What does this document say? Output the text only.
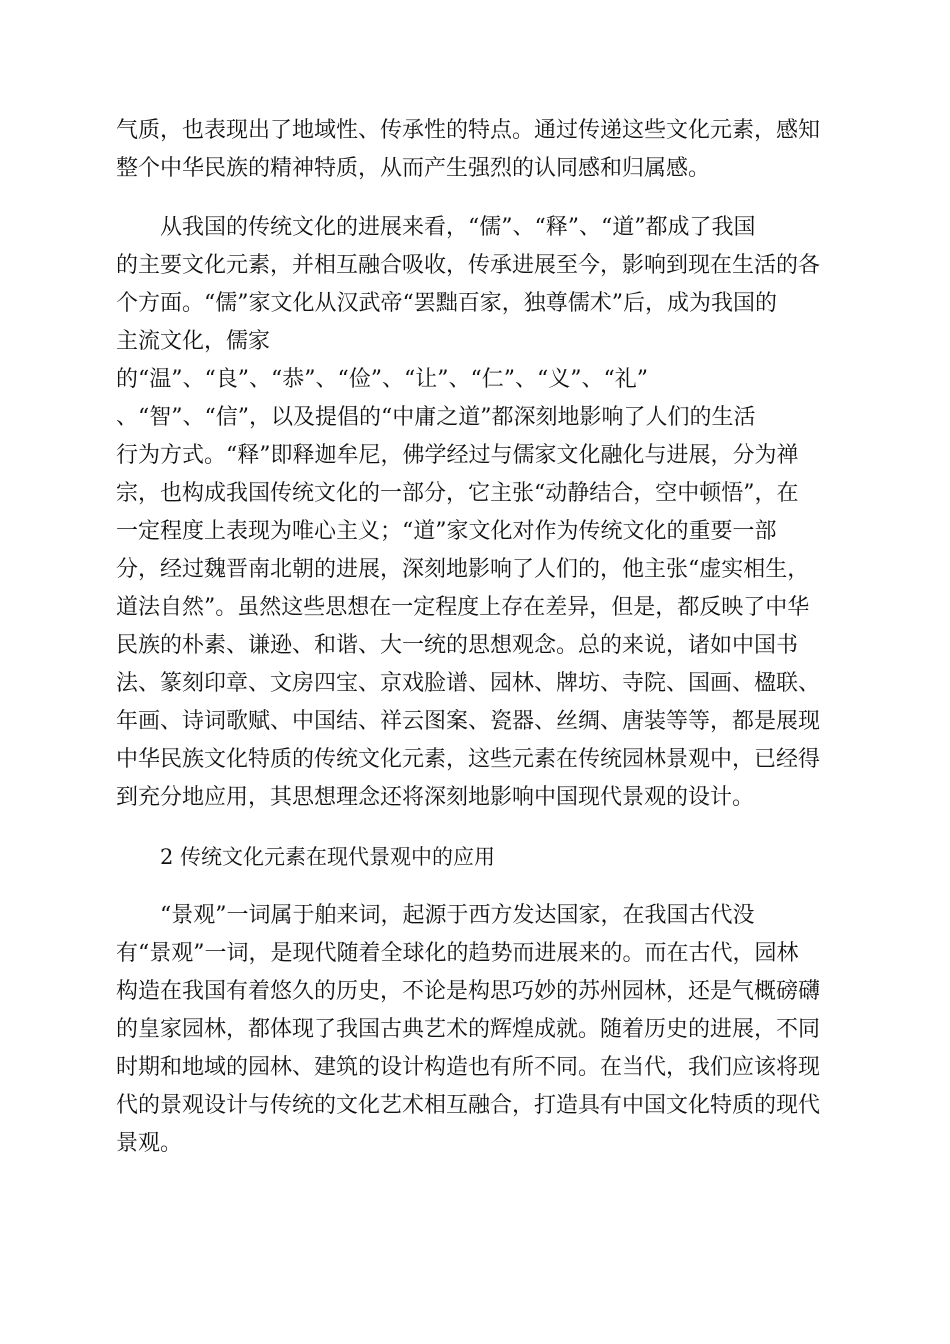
气质，也表现出了地域性、传承性的特点。通过传递这些文化元素，感知
整个中华民族的精神特质，从而产生强烈的认同感和归属感。
从我国的传统文化的进展来看，“儒”、“释”、“道”都成了我国
的主要文化元素，并相互融合吸收，传承进展至今，影响到现在生活的各
个方面。“儒”家文化从汉武帝“罢黜百家，独尊儒术”后，成为我国的
主流文化，儒家
的“温”、“良”、“恭”、“俭”、“让”、“仁”、“义”、“礼”
、“智”、“信”，以及提倡的“中庸之道”都深刻地影响了人们的生活
行为方式。“释”即释迦牟尼，佛学经过与儒家文化融化与进展，分为禅
宗，也构成我国传统文化的一部分，它主张“动静结合，空中顿悟”，在
一定程度上表现为唯心主义；“道”家文化对作为传统文化的重要一部
分，经过魏晋南北朝的进展，深刻地影响了人们的，他主张“虚实相生，
道法自然”。虽然这些思想在一定程度上存在差异，但是，都反映了中华
民族的朴素、谦逊、和谐、大一统的思想观念。总的来说，诸如中国书
法、篆刻印章、文房四宝、京戏脸谱、园林、牌坊、寺院、国画、楹联、
年画、诗词歌赋、中国结、祥云图案、瓷器、丝绸、唐装等等，都是展现
中华民族文化特质的传统文化元素，这些元素在传统园林景观中，已经得
到充分地应用，其思想理念还将深刻地影响中国现代景观的设计。
2 传统文化元素在现代景观中的应用
“景观”一词属于舶来词，起源于西方发达国家，在我国古代没
有“景观”一词，是现代随着全球化的趋势而进展来的。而在古代，园林
构造在我国有着悠久的历史，不论是构思巧妙的苏州园林，还是气概磅礴
的皇家园林，都体现了我国古典艺术的辉煌成就。随着历史的进展，不同
时期和地域的园林、建筑的设计构造也有所不同。在当代，我们应该将现
代的景观设计与传统的文化艺术相互融合，打造具有中国文化特质的现代
景观。
